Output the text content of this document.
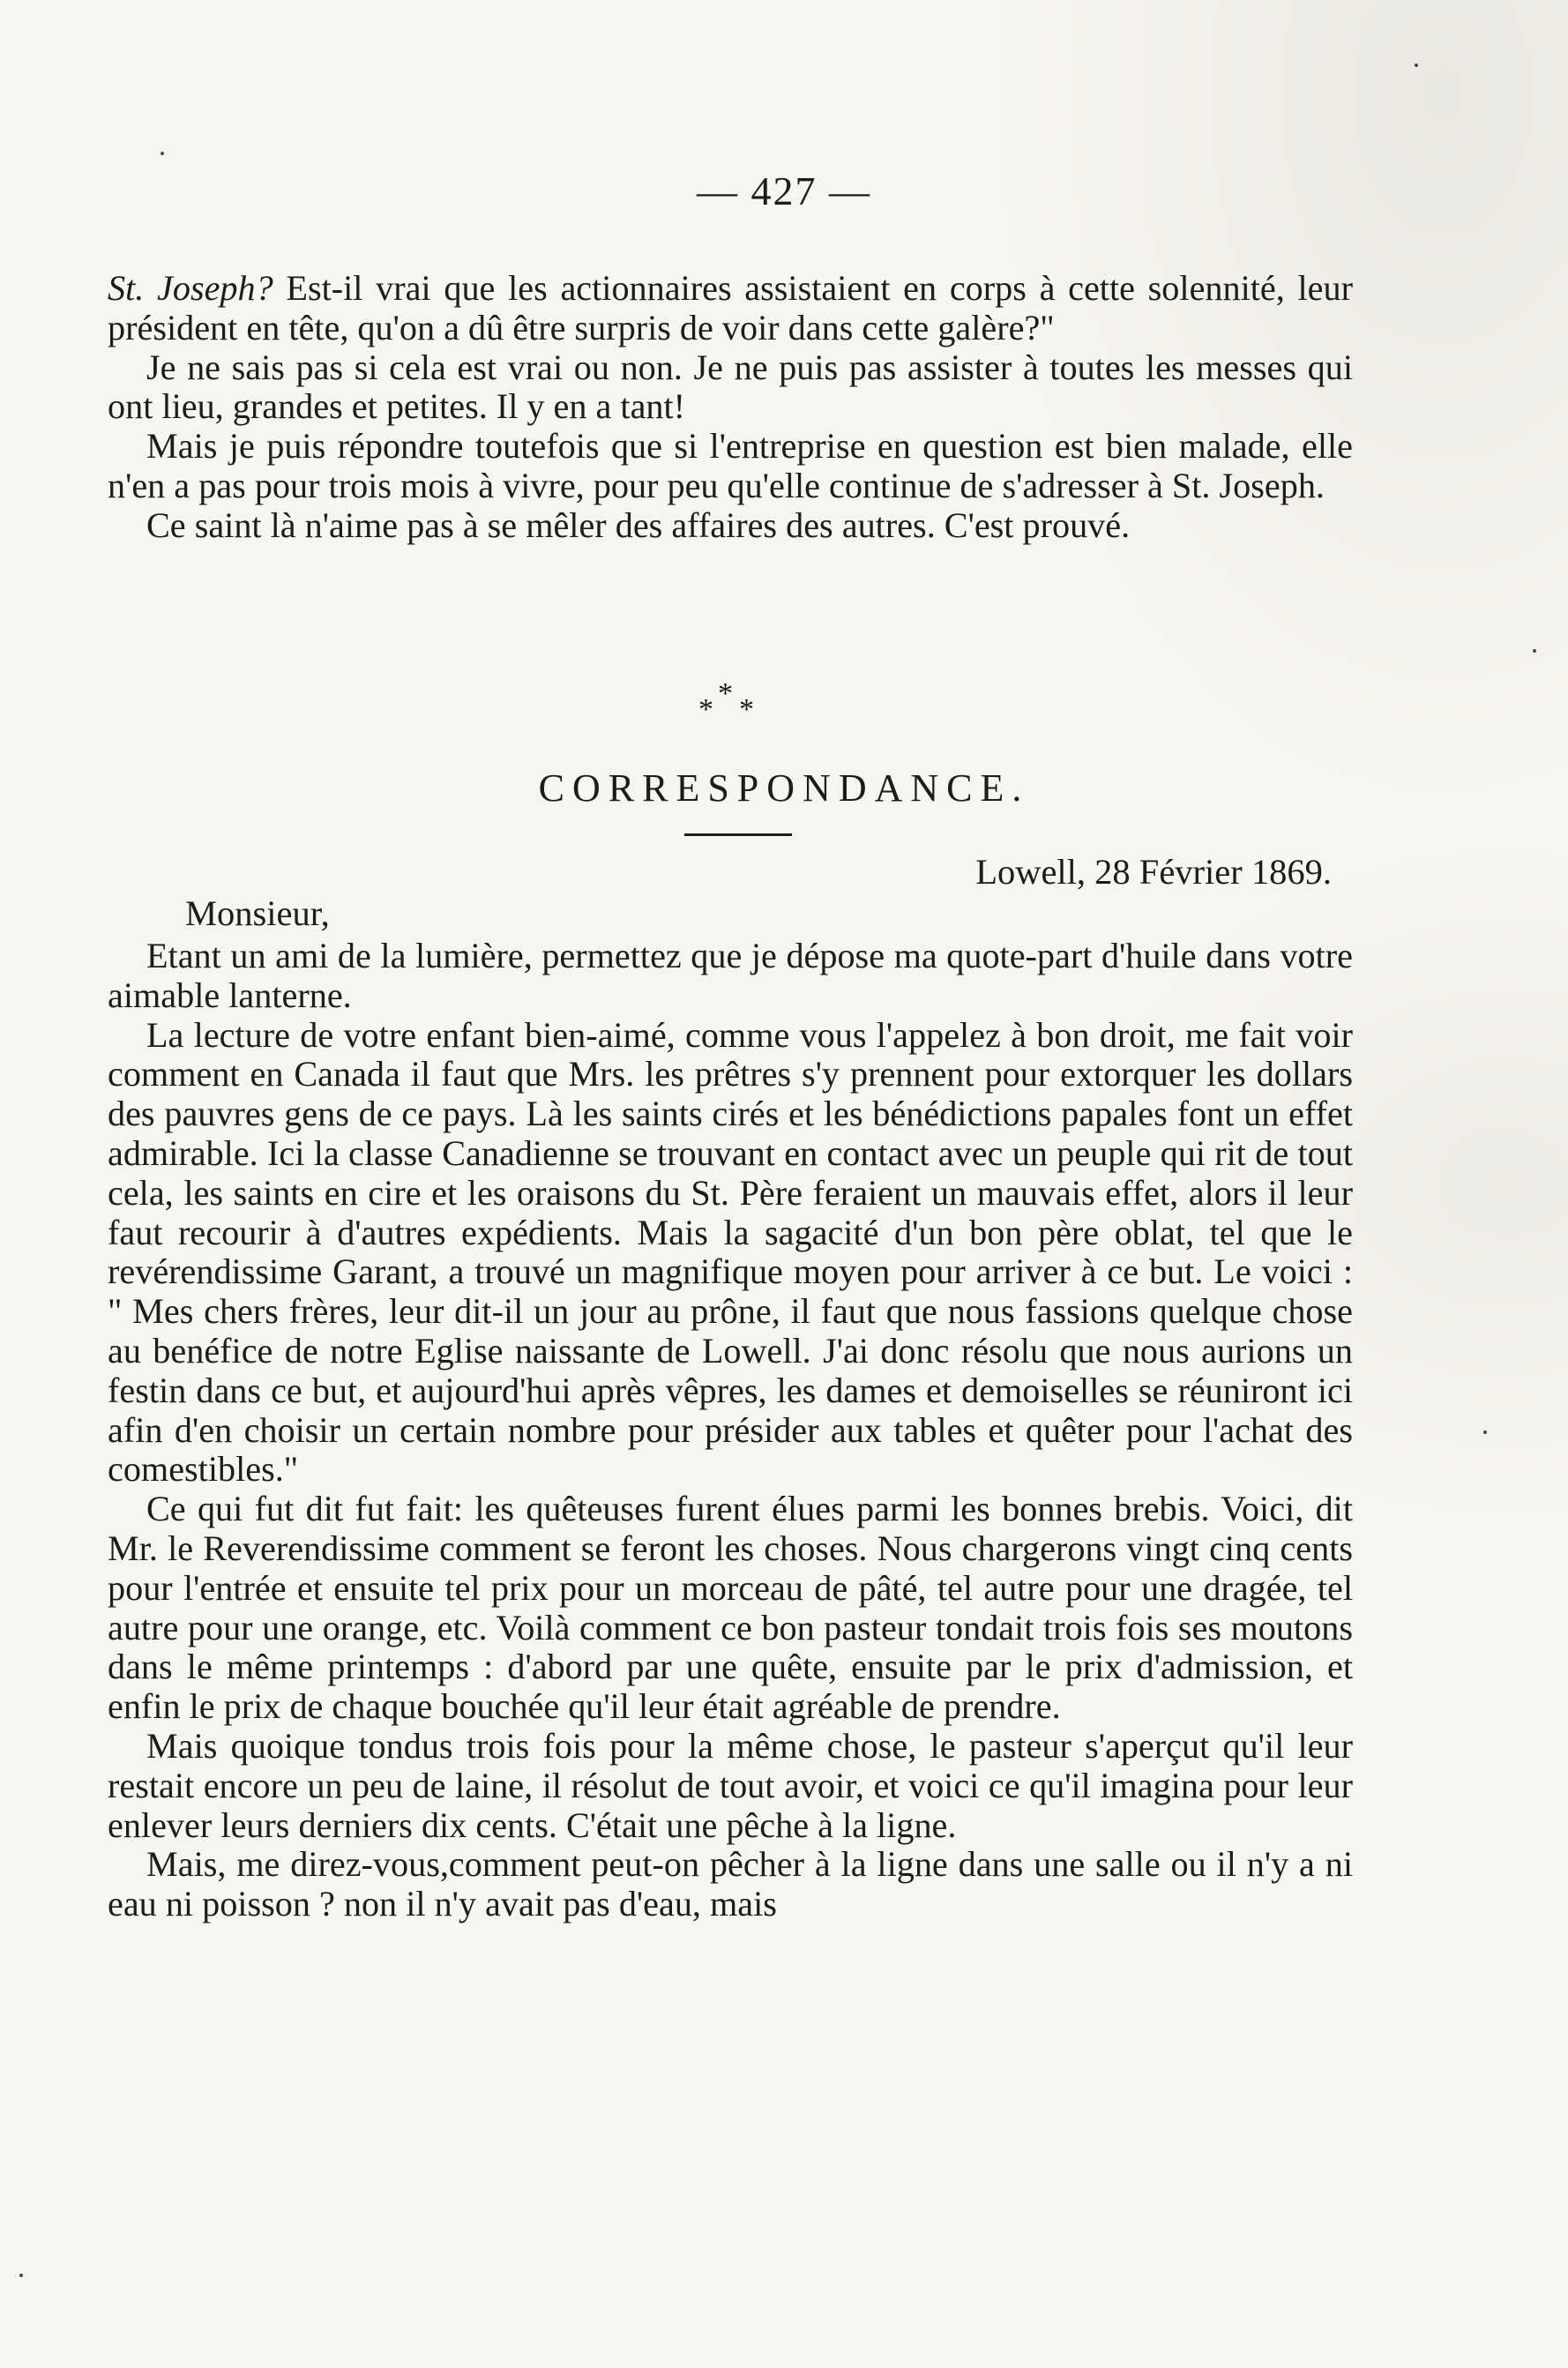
— 427 —

St. Joseph? Est-il vrai que les actionnaires assistaient en corps à cette solennité, leur président en tête, qu'on a dû être surpris de voir dans cette galère?"

Je ne sais pas si cela est vrai ou non. Je ne puis pas assister à toutes les messes qui ont lieu, grandes et petites. Il y en a tant!

Mais je puis répondre toutefois que si l'entreprise en question est bien malade, elle n'en a pas pour trois mois à vivre, pour peu qu'elle continue de s'adresser à St. Joseph.

Ce saint là n'aime pas à se mêler des affaires des autres. C'est prouvé.

*
* *
CORRESPONDANCE.
Lowell, 28 Février 1869.
Monsieur,

Etant un ami de la lumière, permettez que je dépose ma quote-part d'huile dans votre aimable lanterne.

La lecture de votre enfant bien-aimé, comme vous l'appelez à bon droit, me fait voir comment en Canada il faut que Mrs. les prêtres s'y prennent pour extorquer les dollars des pauvres gens de ce pays. Là les saints cirés et les bénédictions papales font un effet admirable. Ici la classe Canadienne se trouvant en contact avec un peuple qui rit de tout cela, les saints en cire et les oraisons du St. Père feraient un mauvais effet, alors il leur faut recourir à d'autres expédients. Mais la sagacité d'un bon père oblat, tel que le revérendissime Garant, a trouvé un magnifique moyen pour arriver à ce but. Le voici : " Mes chers frères, leur dit-il un jour au prône, il faut que nous fassions quelque chose au benéfice de notre Eglise naissante de Lowell. J'ai donc résolu que nous aurions un festin dans ce but, et aujourd'hui après vêpres, les dames et demoiselles se réuniront ici afin d'en choisir un certain nombre pour présider aux tables et quêter pour l'achat des comestibles."

Ce qui fut dit fut fait: les quêteuses furent élues parmi les bonnes brebis. Voici, dit Mr. le Reverendissime comment se feront les choses. Nous chargerons vingt cinq cents pour l'entrée et ensuite tel prix pour un morceau de pâté, tel autre pour une dragée, tel autre pour une orange, etc. Voilà comment ce bon pasteur tondait trois fois ses moutons dans le même printemps : d'abord par une quête, ensuite par le prix d'admission, et enfin le prix de chaque bouchée qu'il leur était agréable de prendre.

Mais quoique tondus trois fois pour la même chose, le pasteur s'aperçut qu'il leur restait encore un peu de laine, il résolut de tout avoir, et voici ce qu'il imagina pour leur enlever leurs derniers dix cents. C'était une pêche à la ligne.

Mais, me direz-vous,comment peut-on pêcher à la ligne dans une salle ou il n'y a ni eau ni poisson ? non il n'y avait pas d'eau, mais
